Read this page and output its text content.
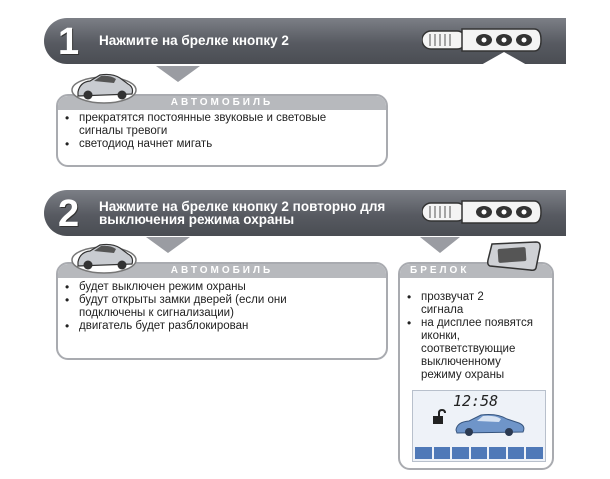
1 Нажмите на брелке кнопку 2
АВТОМОБИЛЬ
• прекратятся постоянные звуковые и световые сигналы тревоги
• светодиод начнет мигать
2 Нажмите на брелке кнопку 2 повторно для
выключения режима охраны
АВТОМОБИЛЬ
• будет выключен режим охраны
• будут открыты замки дверей (если они подключены к сигнализации)
• двигатель будет разблокирован
БРЕЛОК
• прозвучат 2 сигнала
• на дисплее появятся иконки, соответствующие выключенному режиму охраны
12:58
